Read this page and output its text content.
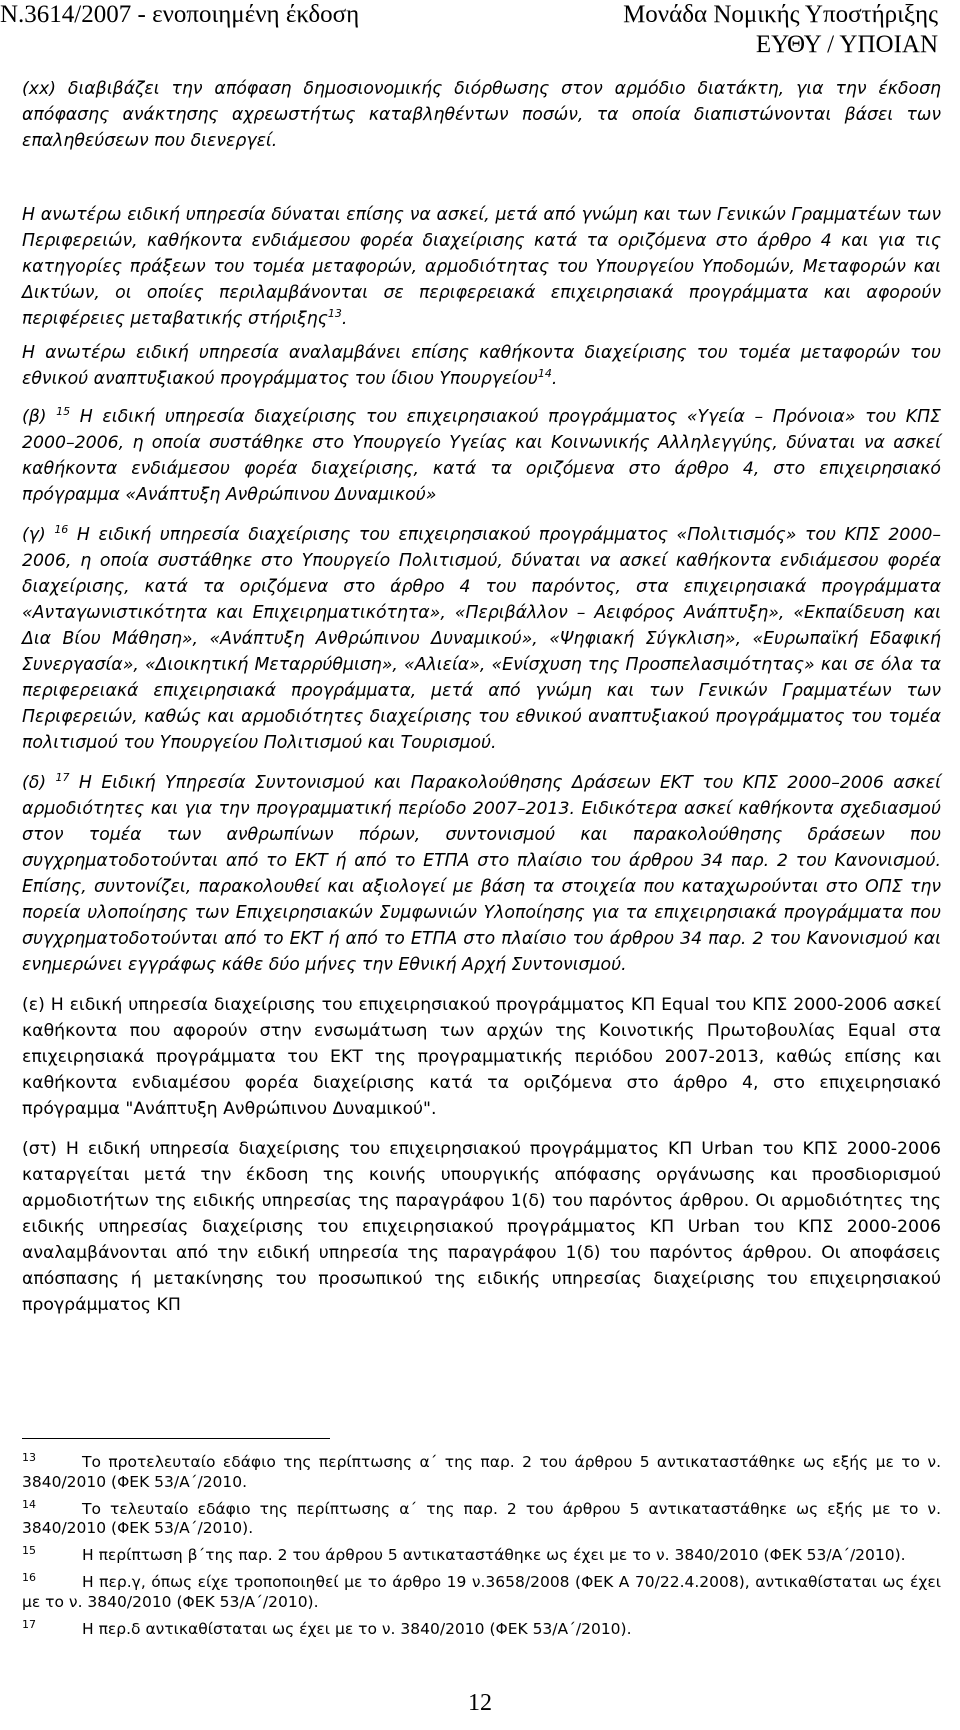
N.3614/2007 - ενοποιημένη έκδοση	Μονάδα Νομικής Υποστήριξης
ΕΥΘΥ / ΥΠΟΙΑΝ

(xx) διαβιβάζει την απόφαση δημοσιονομικής διόρθωσης στον αρμόδιο διατάκτη, για την έκδοση απόφασης ανάκτησης αχρεωστήτως καταβληθέντων ποσών, τα οποία διαπιστώνονται βάσει των επαληθεύσεων που διενεργεί.

Η ανωτέρω ειδική υπηρεσία δύναται επίσης να ασκεί, μετά από γνώμη και των Γενικών Γραμματέων των Περιφερειών, καθήκοντα ενδιάμεσου φορέα διαχείρισης κατά τα οριζόμενα στο άρθρο 4 και για τις κατηγορίες πράξεων του τομέα μεταφορών, αρμοδιότητας του Υπουργείου Υποδομών, Μεταφορών και Δικτύων, οι οποίες περιλαμβάνονται σε περιφερειακά επιχειρησιακά προγράμματα και αφορούν περιφέρειες μεταβατικής στήριξης$^{13}$.

Η ανωτέρω ειδική υπηρεσία αναλαμβάνει επίσης καθήκοντα διαχείρισης του τομέα μεταφορών του εθνικού αναπτυξιακού προγράμματος του ίδιου Υπουργείου$^{14}$.

(β) $^{15}$ Η ειδική υπηρεσία διαχείρισης του επιχειρησιακού προγράμματος «Υγεία – Πρόνοια» του ΚΠΣ 2000–2006, η οποία συστάθηκε στο Υπουργείο Υγείας και Κοινωνικής Αλληλεγγύης, δύναται να ασκεί καθήκοντα ενδιάμεσου φορέα διαχείρισης, κατά τα οριζόμενα στο άρθρο 4, στο επιχειρησιακό πρόγραμμα «Ανάπτυξη Ανθρώπινου Δυναμικού»

(γ) $^{16}$ Η ειδική υπηρεσία διαχείρισης του επιχειρησιακού προγράμματος «Πολιτισμός» του ΚΠΣ 2000–2006, η οποία συστάθηκε στο Υπουργείο Πολιτισμού, δύναται να ασκεί καθήκοντα ενδιάμεσου φορέα διαχείρισης, κατά τα οριζόμενα στο άρθρο 4 του παρόντος, στα επιχειρησιακά προγράμματα «Ανταγωνιστικότητα και Επιχειρηματικότητα», «Περιβάλλον – Αειφόρος Ανάπτυξη», «Εκπαίδευση και Δια Βίου Μάθηση», «Ανάπτυξη Ανθρώπινου Δυναμικού», «Ψηφιακή Σύγκλιση», «Ευρωπαϊκή Εδαφική Συνεργασία», «Διοικητική Μεταρρύθμιση», «Αλιεία», «Ενίσχυση της Προσπελασιμότητας» και σε όλα τα περιφερειακά επιχειρησιακά προγράμματα, μετά από γνώμη και των Γενικών Γραμματέων των Περιφερειών, καθώς και αρμοδιότητες διαχείρισης του εθνικού αναπτυξιακού προγράμματος του τομέα πολιτισμού του Υπουργείου Πολιτισμού και Τουρισμού.

(δ) $^{17}$ Η Ειδική Υπηρεσία Συντονισμού και Παρακολούθησης Δράσεων ΕΚΤ του ΚΠΣ 2000–2006 ασκεί αρμοδιότητες και για την προγραμματική περίοδο 2007–2013. Ειδικότερα ασκεί καθήκοντα σχεδιασμού στον τομέα των ανθρωπίνων πόρων, συντονισμού και παρακολούθησης δράσεων που συγχρηματοδοτούνται από το ΕΚΤ ή από το ΕΤΠΑ στο πλαίσιο του άρθρου 34 παρ. 2 του Κανονισμού. Επίσης, συντονίζει, παρακολουθεί και αξιολογεί με βάση τα στοιχεία που καταχωρούνται στο ΟΠΣ την πορεία υλοποίησης των Επιχειρησιακών Συμφωνιών Υλοποίησης για τα επιχειρησιακά προγράμματα που συγχρηματοδοτούνται από το ΕΚΤ ή από το ΕΤΠΑ στο πλαίσιο του άρθρου 34 παρ. 2 του Κανονισμού και ενημερώνει εγγράφως κάθε δύο μήνες την Εθνική Αρχή Συντονισμού.

(ε) Η ειδική υπηρεσία διαχείρισης του επιχειρησιακού προγράμματος ΚΠ Equal του ΚΠΣ 2000-2006 ασκεί καθήκοντα που αφορούν στην ενσωμάτωση των αρχών της Κοινοτικής Πρωτοβουλίας Equal στα επιχειρησιακά προγράμματα του ΕΚΤ της προγραμματικής περιόδου 2007-2013, καθώς επίσης και καθήκοντα ενδιαμέσου φορέα διαχείρισης κατά τα οριζόμενα στο άρθρο 4, στο επιχειρησιακό πρόγραμμα "Ανάπτυξη Ανθρώπινου Δυναμικού".

(στ) Η ειδική υπηρεσία διαχείρισης του επιχειρησιακού προγράμματος ΚΠ Urban του ΚΠΣ 2000-2006 καταργείται μετά την έκδοση της κοινής υπουργικής απόφασης οργάνωσης και προσδιορισμού αρμοδιοτήτων της ειδικής υπηρεσίας της παραγράφου 1(δ) του παρόντος άρθρου. Οι αρμοδιότητες της ειδικής υπηρεσίας διαχείρισης του επιχειρησιακού προγράμματος ΚΠ Urban του ΚΠΣ 2000-2006 αναλαμβάνονται από την ειδική υπηρεσία της παραγράφου 1(δ) του παρόντος άρθρου. Οι αποφάσεις απόσπασης ή μετακίνησης του προσωπικού της ειδικής υπηρεσίας διαχείρισης του επιχειρησιακού προγράμματος ΚΠ

13	Το προτελευταίο εδάφιο της περίπτωσης α΄ της παρ. 2 του άρθρου 5 αντικαταστάθηκε ως εξής με το ν. 3840/2010 (ΦΕΚ 53/Α΄/2010.

14	Το τελευταίο εδάφιο της περίπτωσης α΄ της παρ. 2 του άρθρου 5 αντικαταστάθηκε ως εξής με το ν. 3840/2010 (ΦΕΚ 53/Α΄/2010).

15	Η περίπτωση β΄της παρ. 2 του άρθρου 5 αντικαταστάθηκε ως έχει με το ν. 3840/2010 (ΦΕΚ 53/Α΄/2010).

16	Η περ.γ, όπως είχε τροποποιηθεί με το άρθρο 19 ν.3658/2008 (ΦΕΚ Α 70/22.4.2008), αντικαθίσταται ως έχει με το ν. 3840/2010 (ΦΕΚ 53/Α΄/2010).

17	Η περ.δ αντικαθίσταται ως έχει με το ν. 3840/2010 (ΦΕΚ 53/Α΄/2010).

12
